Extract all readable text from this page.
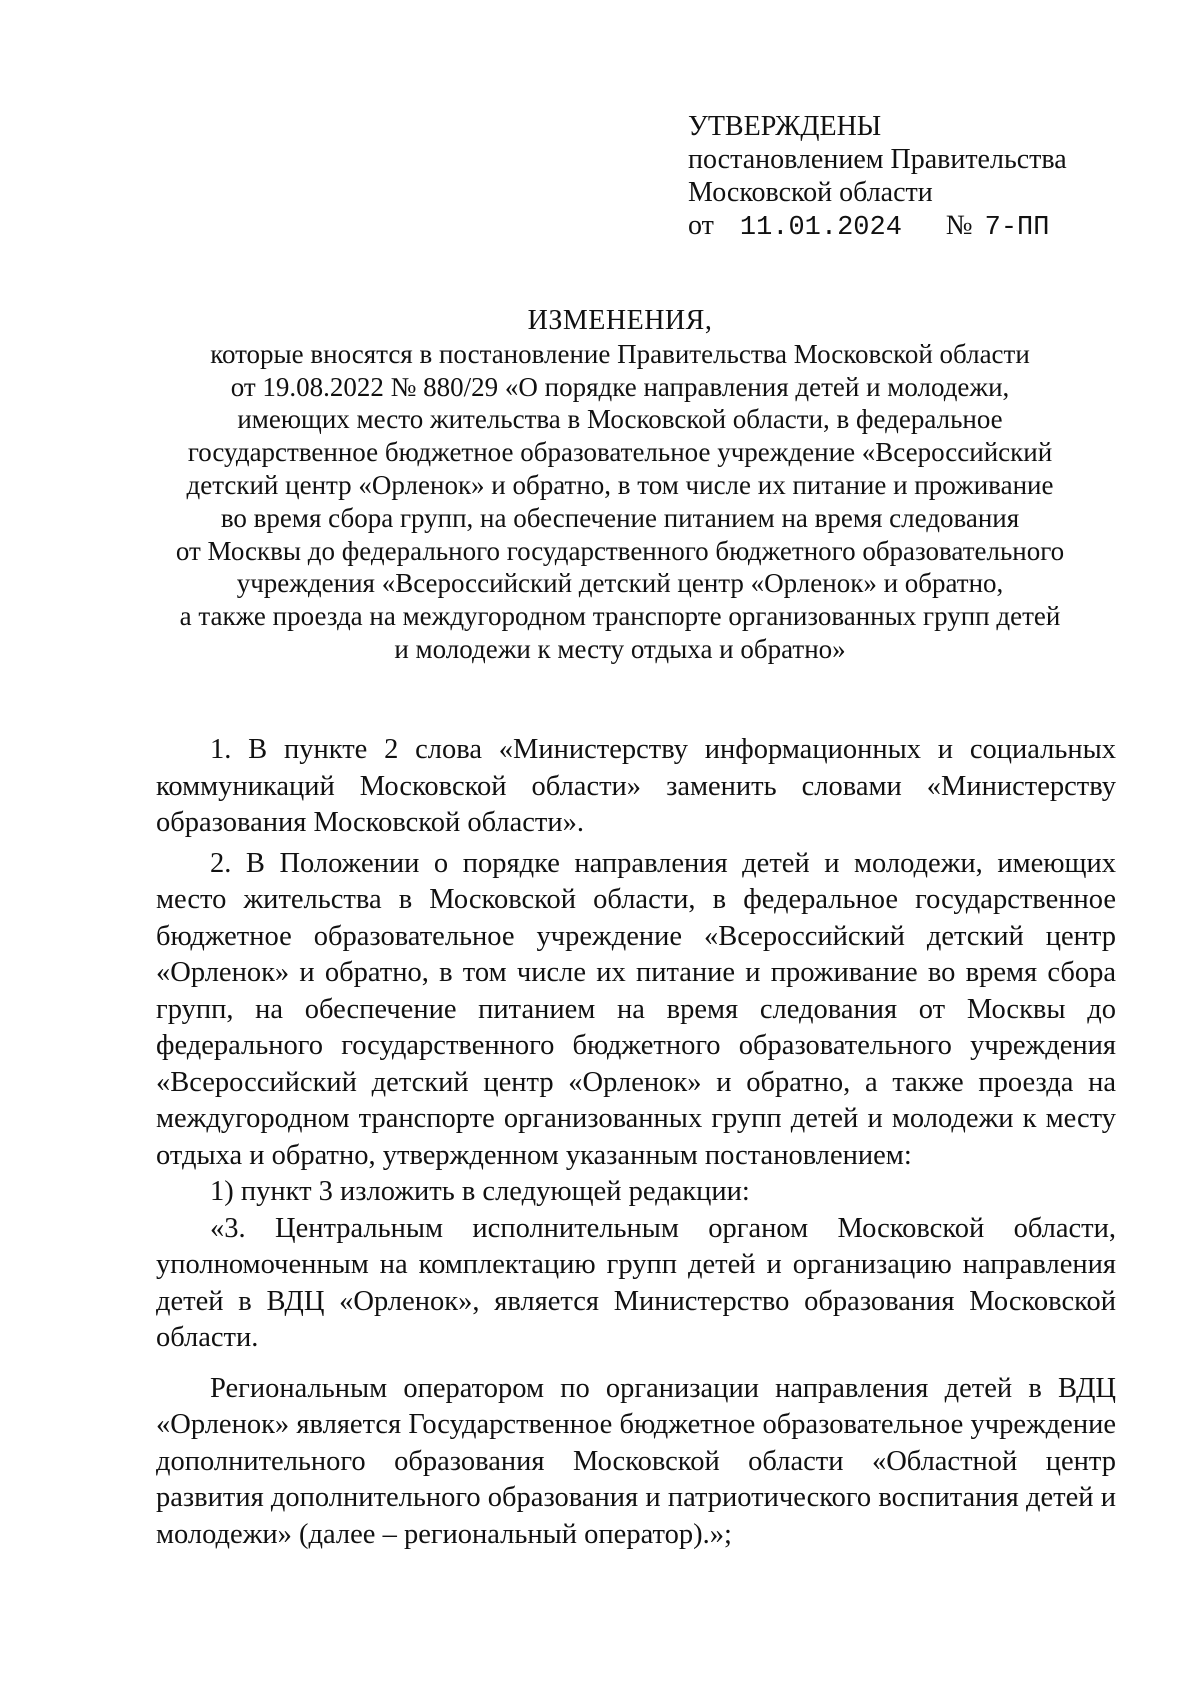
УТВЕРЖДЕНЫ
постановлением Правительства
Московской области
от 11.01.2024 № 7-ПП
ИЗМЕНЕНИЯ,
которые вносятся в постановление Правительства Московской области
от 19.08.2022 № 880/29 «О порядке направления детей и молодежи,
имеющих место жительства в Московской области, в федеральное
государственное бюджетное образовательное учреждение «Всероссийский
детский центр «Орленок» и обратно, в том числе их питание и проживание
во время сбора групп, на обеспечение питанием на время следования
от Москвы до федерального государственного бюджетного образовательного
учреждения «Всероссийский детский центр «Орленок» и обратно,
а также проезда на междугородном транспорте организованных групп детей
и молодежи к месту отдыха и обратно»

1. В пункте 2 слова «Министерству информационных и социальных коммуникаций Московской области» заменить словами «Министерству образования Московской области».

2. В Положении о порядке направления детей и молодежи, имеющих место жительства в Московской области, в федеральное государственное бюджетное образовательное учреждение «Всероссийский детский центр «Орленок» и обратно, в том числе их питание и проживание во время сбора групп, на обеспечение питанием на время следования от Москвы до федерального государственного бюджетного образовательного учреждения «Всероссийский детский центр «Орленок» и обратно, а также проезда на междугородном транспорте организованных групп детей и молодежи к месту отдыха и обратно, утвержденном указанным постановлением:

1) пункт 3 изложить в следующей редакции:

«3. Центральным исполнительным органом Московской области, уполномоченным на комплектацию групп детей и организацию направления детей в ВДЦ «Орленок», является Министерство образования Московской области.

Региональным оператором по организации направления детей в ВДЦ «Орленок» является Государственное бюджетное образовательное учреждение дополнительного образования Московской области «Областной центр развития дополнительного образования и патриотического воспитания детей и молодежи» (далее – региональный оператор).»;
